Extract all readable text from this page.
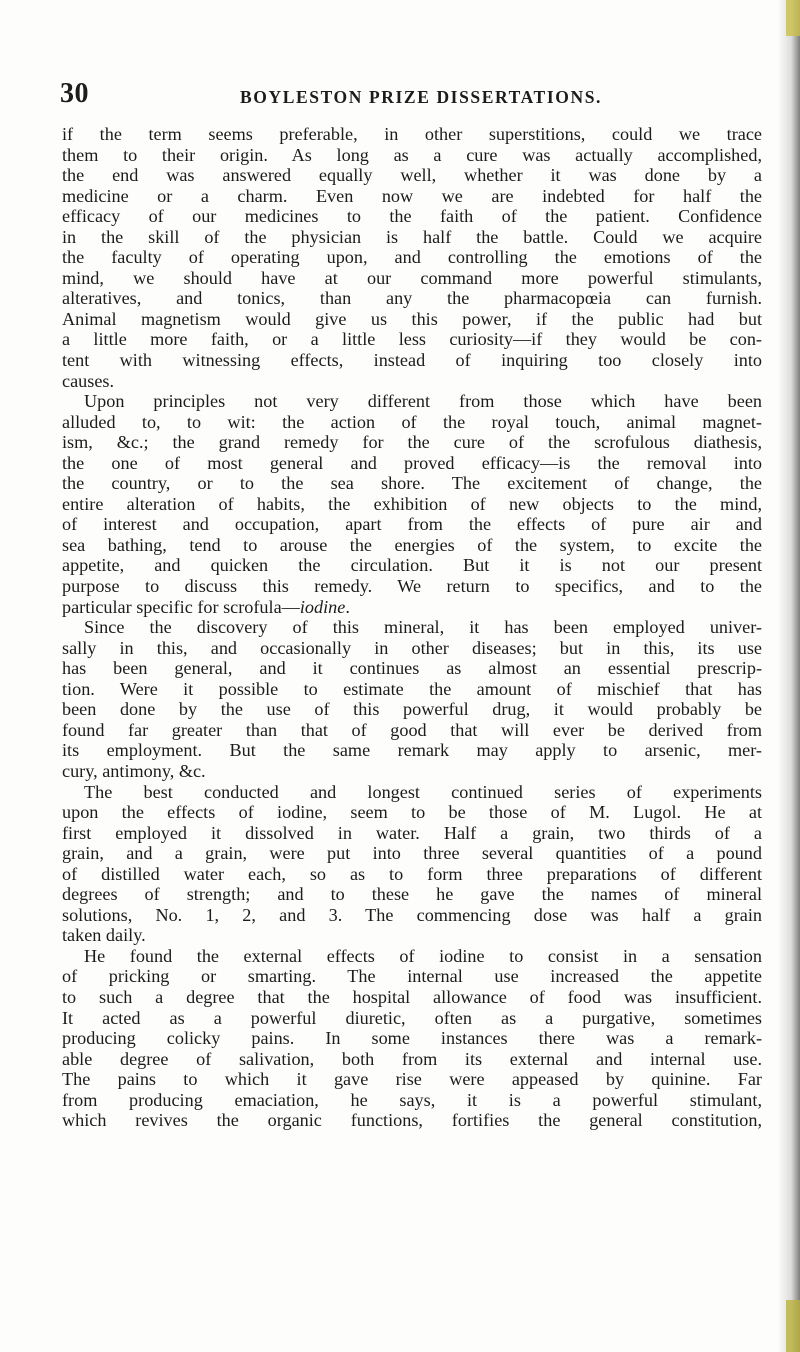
30	BOYLESTON PRIZE DISSERTATIONS.
if the term seems preferable, in other superstitions, could we trace
them to their origin. As long as a cure was actually accomplished,
the end was answered equally well, whether it was done by a
medicine or a charm. Even now we are indebted for half the
efficacy of our medicines to the faith of the patient. Confidence
in the skill of the physician is half the battle. Could we acquire
the faculty of operating upon, and controlling the emotions of the
mind, we should have at our command more powerful stimulants,
alteratives, and tonics, than any the pharmacopœia can furnish.
Animal magnetism would give us this power, if the public had but
a little more faith, or a little less curiosity—if they would be con-
tent with witnessing effects, instead of inquiring too closely into
causes.
Upon principles not very different from those which have been
alluded to, to wit: the action of the royal touch, animal magnet-
ism, &c.; the grand remedy for the cure of the scrofulous diathesis,
the one of most general and proved efficacy—is the removal into
the country, or to the sea shore. The excitement of change, the
entire alteration of habits, the exhibition of new objects to the mind,
of interest and occupation, apart from the effects of pure air and
sea bathing, tend to arouse the energies of the system, to excite the
appetite, and quicken the circulation. But it is not our present
purpose to discuss this remedy. We return to specifics, and to the
particular specific for scrofula—iodine.
Since the discovery of this mineral, it has been employed univer-
sally in this, and occasionally in other diseases; but in this, its use
has been general, and it continues as almost an essential prescrip-
tion. Were it possible to estimate the amount of mischief that has
been done by the use of this powerful drug, it would probably be
found far greater than that of good that will ever be derived from
its employment. But the same remark may apply to arsenic, mer-
cury, antimony, &c.
The best conducted and longest continued series of experiments
upon the effects of iodine, seem to be those of M. Lugol. He at
first employed it dissolved in water. Half a grain, two thirds of a
grain, and a grain, were put into three several quantities of a pound
of distilled water each, so as to form three preparations of different
degrees of strength; and to these he gave the names of mineral
solutions, No. 1, 2, and 3. The commencing dose was half a grain
taken daily.
He found the external effects of iodine to consist in a sensation
of pricking or smarting. The internal use increased the appetite
to such a degree that the hospital allowance of food was insufficient.
It acted as a powerful diuretic, often as a purgative, sometimes
producing colicky pains. In some instances there was a remark-
able degree of salivation, both from its external and internal use.
The pains to which it gave rise were appeased by quinine. Far
from producing emaciation, he says, it is a powerful stimulant,
which revives the organic functions, fortifies the general constitution,
